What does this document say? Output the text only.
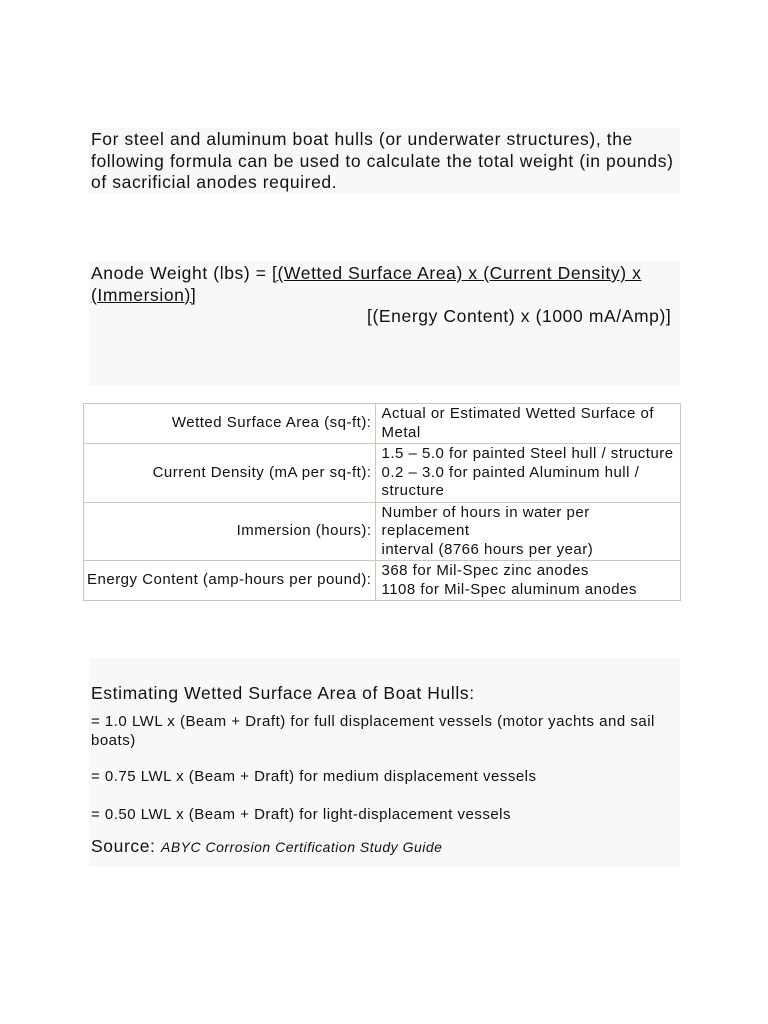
For steel and aluminum boat hulls (or underwater structures), the following formula can be used to calculate the total weight (in pounds) of sacrificial anodes required.

Anode Weight (lbs) = [(Wetted Surface Area) x (Current Density) x (Immersion)]
[(Energy Content) x (1000 mA/Amp)]

Wetted Surface Area (sq-ft):	Actual or Estimated Wetted Surface of Metal
Current Density (mA per sq-ft):	1.5 – 5.0 for painted Steel hull / structure
0.2 – 3.0 for painted Aluminum hull / structure
Immersion (hours):	Number of hours in water per replacement
interval (8766 hours per year)
Energy Content (amp-hours per pound):	368 for Mil-Spec zinc anodes
1108 for Mil-Spec aluminum anodes
Estimating Wetted Surface Area of Boat Hulls:

= 1.0 LWL x (Beam + Draft) for full displacement vessels (motor yachts and sail boats)

= 0.75 LWL x (Beam + Draft) for medium displacement vessels

= 0.50 LWL x (Beam + Draft) for light-displacement vessels

Source: ABYC Corrosion Certification Study Guide
